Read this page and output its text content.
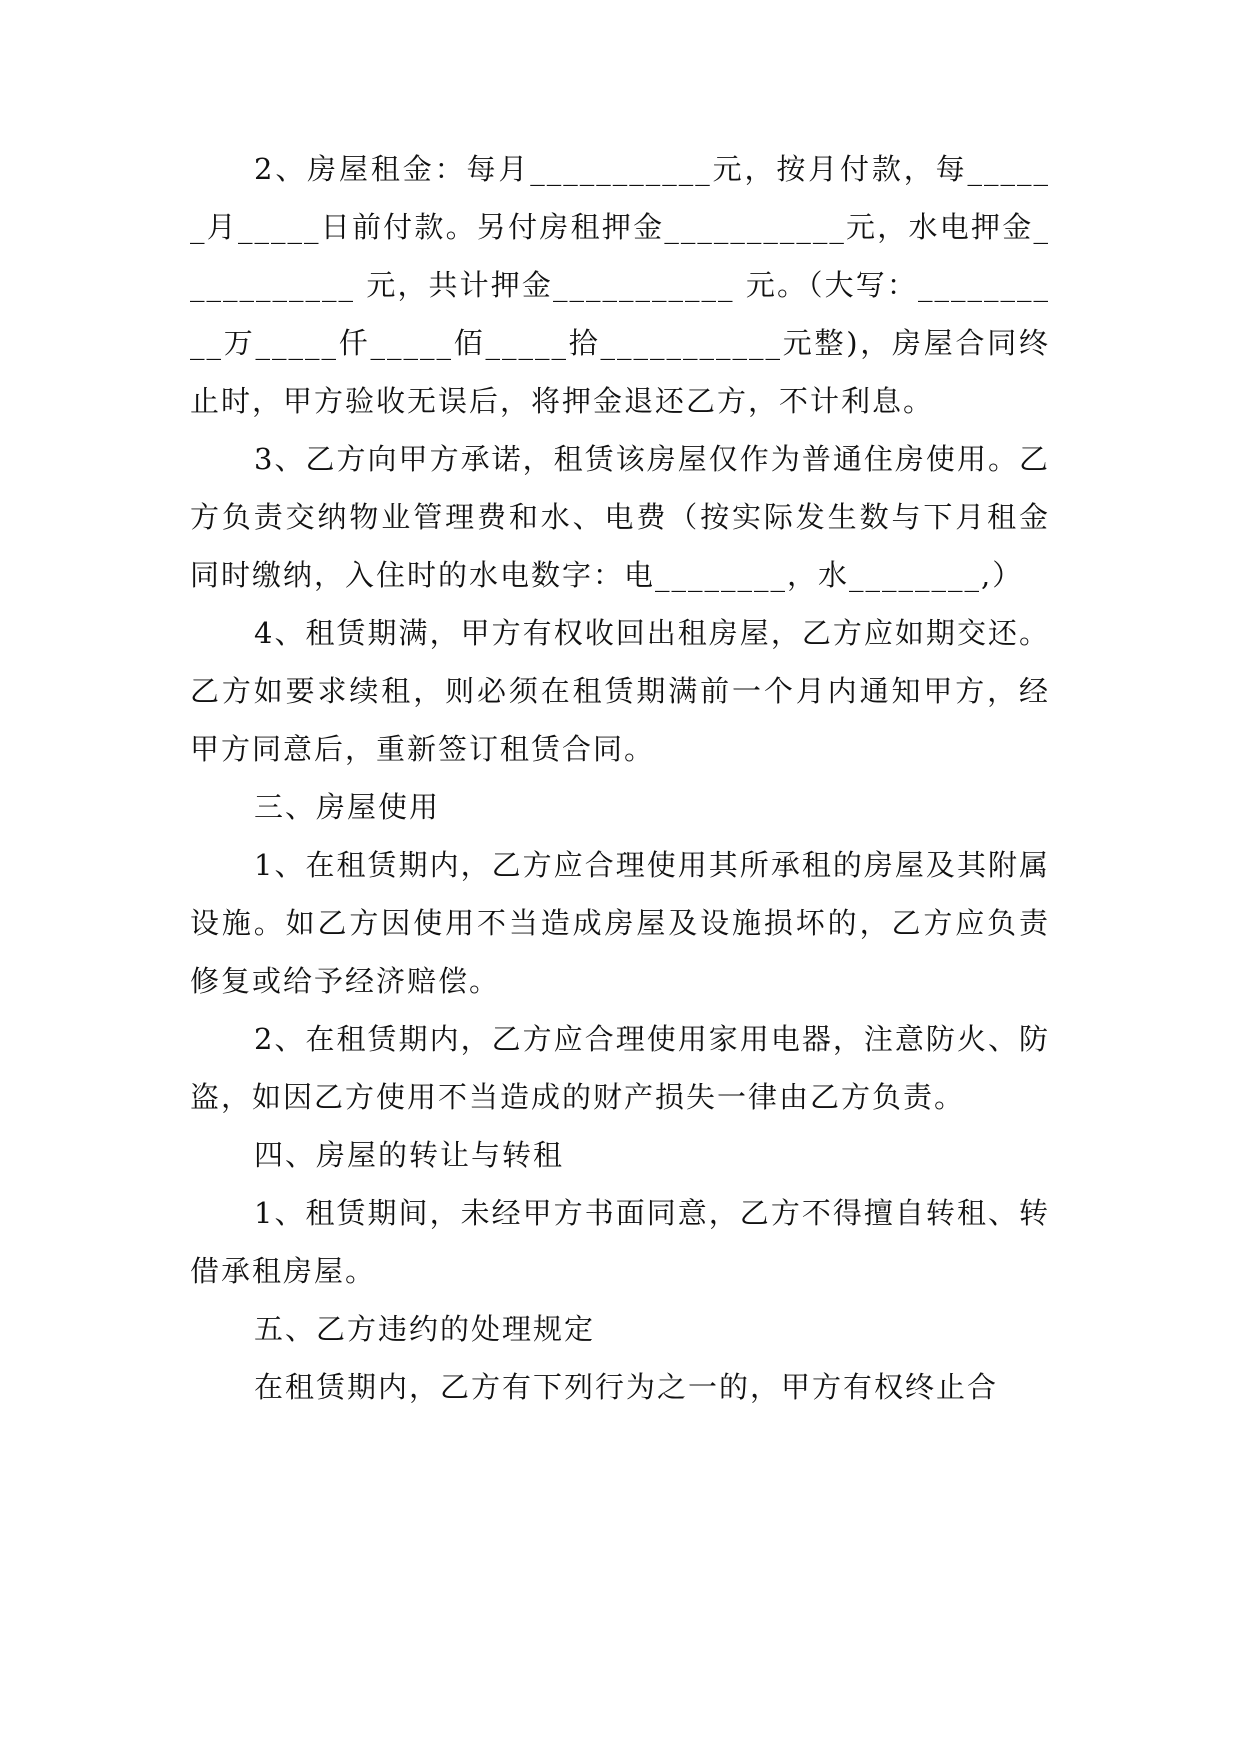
2、房屋租金：每月___________元，按月付款，每______月_____日前付款。另付房租押金___________元，水电押金___________ 元，共计押金___________ 元。（大写：__________万_____仟_____佰_____拾___________元整)，房屋合同终止时，甲方验收无误后，将押金退还乙方，不计利息。

3、乙方向甲方承诺，租赁该房屋仅作为普通住房使用。乙方负责交纳物业管理费和水、电费（按实际发生数与下月租金同时缴纳，入住时的水电数字：电________，水________,）

4、租赁期满，甲方有权收回出租房屋，乙方应如期交还。乙方如要求续租，则必须在租赁期满前一个月内通知甲方，经甲方同意后，重新签订租赁合同。

三、房屋使用

1、在租赁期内，乙方应合理使用其所承租的房屋及其附属设施。如乙方因使用不当造成房屋及设施损坏的，乙方应负责修复或给予经济赔偿。

2、在租赁期内，乙方应合理使用家用电器，注意防火、防盗，如因乙方使用不当造成的财产损失一律由乙方负责。

四、房屋的转让与转租

1、租赁期间，未经甲方书面同意，乙方不得擅自转租、转借承租房屋。

五、乙方违约的处理规定

在租赁期内，乙方有下列行为之一的，甲方有权终止合
